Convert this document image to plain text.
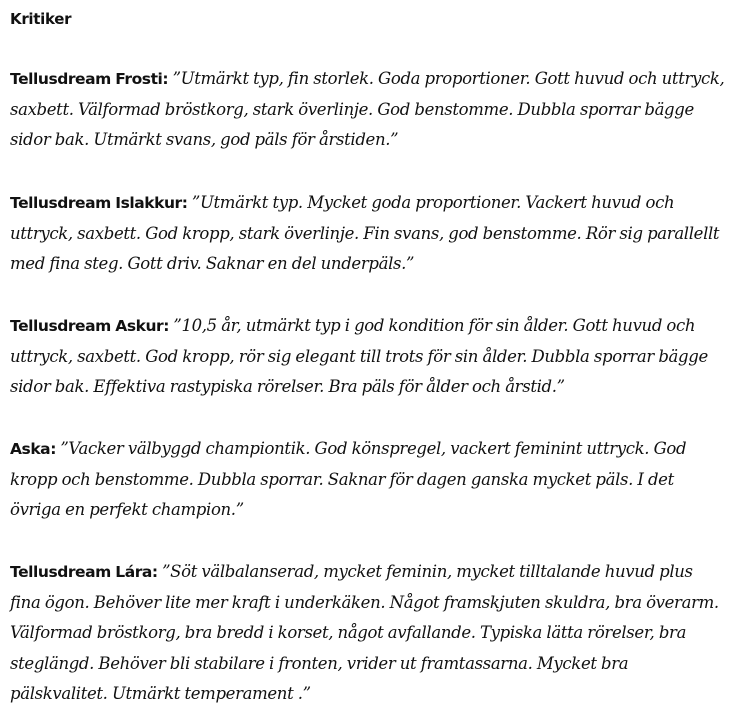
Kritiker

Tellusdream Frosti: ”Utmärkt typ, fin storlek. Goda proportioner. Gott huvud och uttryck, saxbett. Välformad bröstkorg, stark överlinje. God benstomme. Dubbla sporrar bägge sidor bak. Utmärkt svans, god päls för årstiden.”

Tellusdream Islakkur: ”Utmärkt typ. Mycket goda proportioner. Vackert huvud och uttryck, saxbett. God kropp, stark överlinje. Fin svans, god benstomme. Rör sig parallellt med fina steg. Gott driv. Saknar en del underpäls.”

Tellusdream Askur: ”10,5 år, utmärkt typ i god kondition för sin ålder. Gott huvud och uttryck, saxbett. God kropp, rör sig elegant till trots för sin ålder. Dubbla sporrar bägge sidor bak. Effektiva rastypiska rörelser. Bra päls för ålder och årstid.”

Aska: ”Vacker välbyggd championtik. God könspregel, vackert feminint uttryck. God kropp och benstomme. Dubbla sporrar. Saknar för dagen ganska mycket päls. I det övriga en perfekt champion.”

Tellusdream Lára: ”Söt välbalanserad, mycket feminin, mycket tilltalande huvud plus fina ögon. Behöver lite mer kraft i underkäken. Något framskjuten skuldra, bra överarm. Välformad bröstkorg, bra bredd i korset, något avfallande. Typiska lätta rörelser, bra steglängd. Behöver bli stabilare i fronten, vrider ut framtassarna. Mycket bra pälskvalitet. Utmärkt temperament .”
